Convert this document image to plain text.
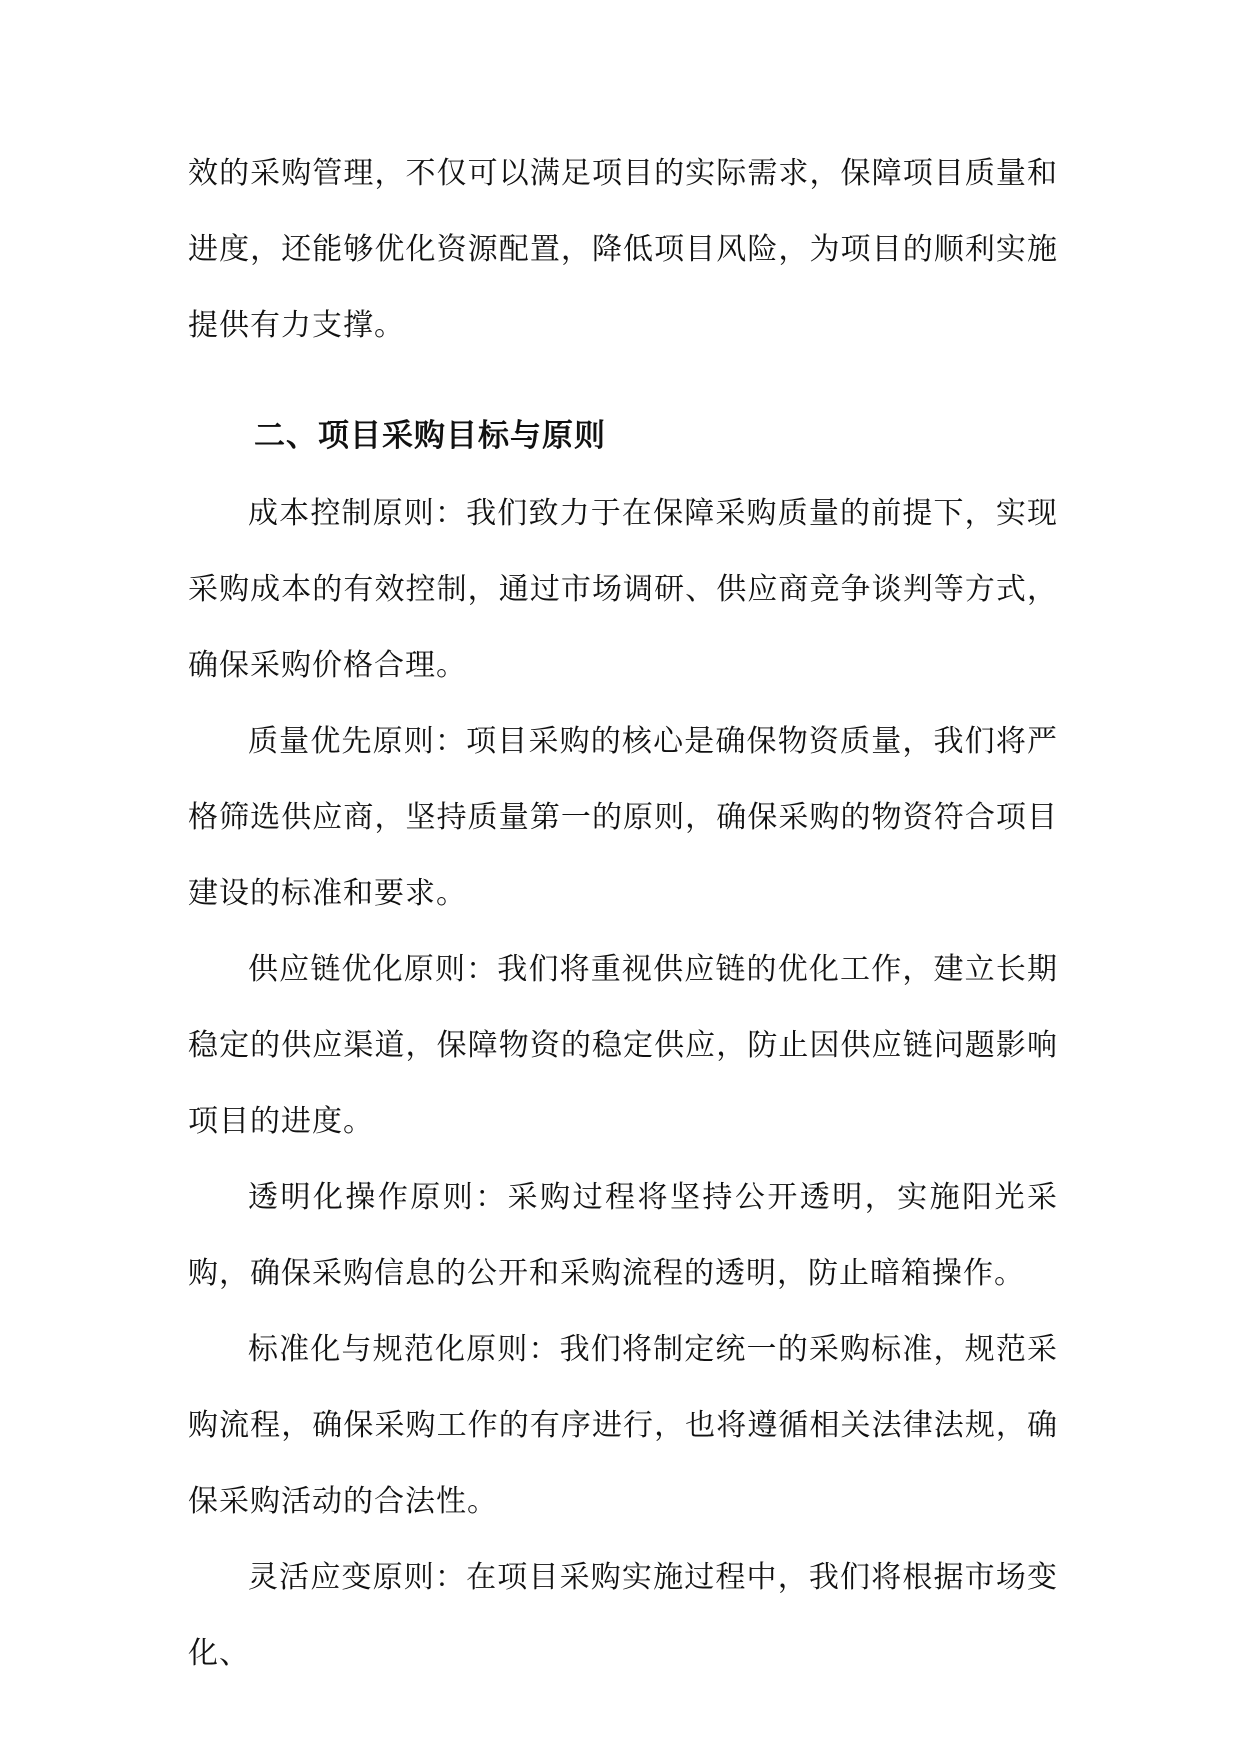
效的采购管理，不仅可以满足项目的实际需求，保障项目质量和进度，还能够优化资源配置，降低项目风险，为项目的顺利实施提供有力支撑。

二、项目采购目标与原则

成本控制原则：我们致力于在保障采购质量的前提下，实现采购成本的有效控制，通过市场调研、供应商竞争谈判等方式，确保采购价格合理。

质量优先原则：项目采购的核心是确保物资质量，我们将严格筛选供应商，坚持质量第一的原则，确保采购的物资符合项目建设的标准和要求。

供应链优化原则：我们将重视供应链的优化工作，建立长期稳定的供应渠道，保障物资的稳定供应，防止因供应链问题影响项目的进度。

透明化操作原则：采购过程将坚持公开透明，实施阳光采购，确保采购信息的公开和采购流程的透明，防止暗箱操作。

标准化与规范化原则：我们将制定统一的采购标准，规范采购流程，确保采购工作的有序进行，也将遵循相关法律法规，确保采购活动的合法性。

灵活应变原则：在项目采购实施过程中，我们将根据市场变化、
